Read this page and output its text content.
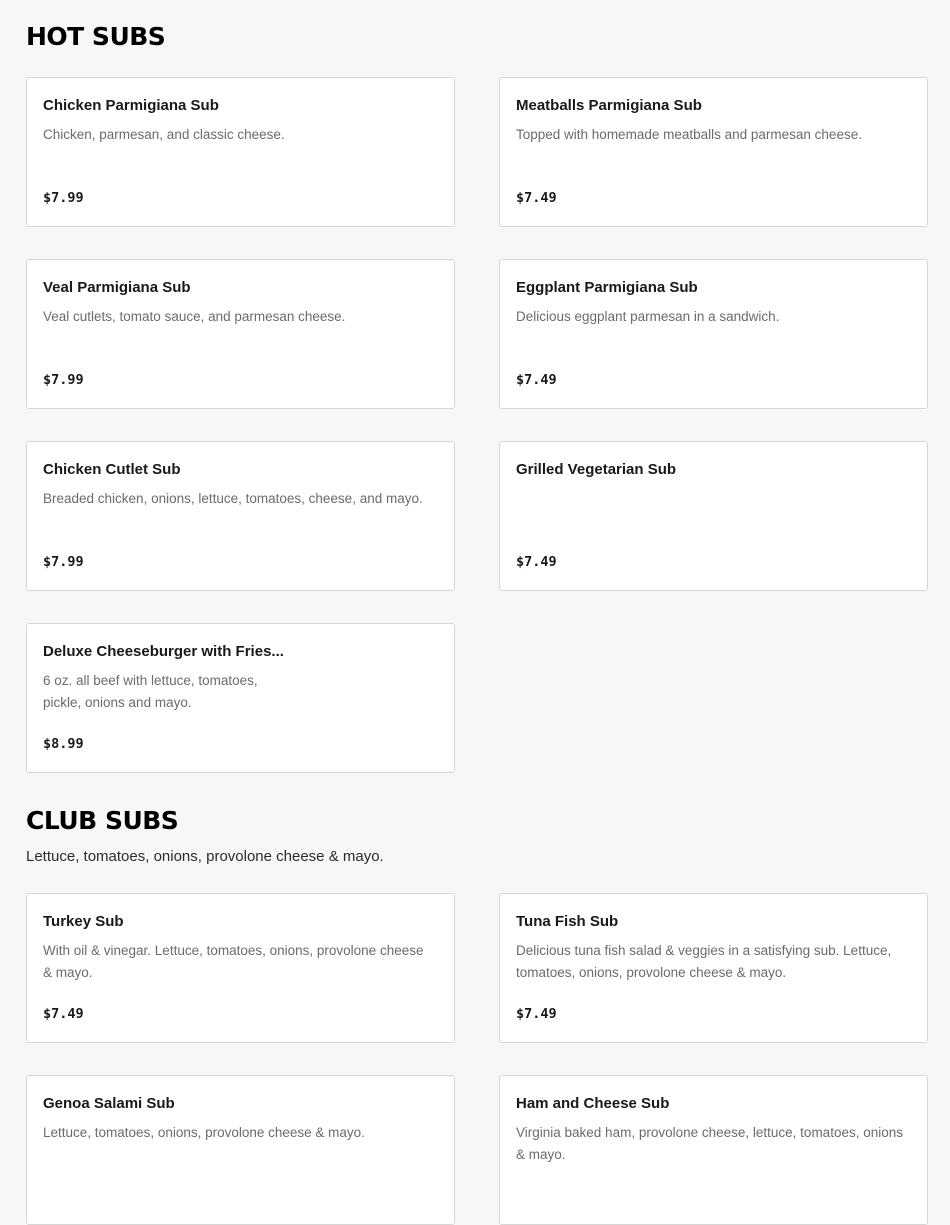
HOT SUBS
Chicken Parmigiana Sub
Chicken, parmesan, and classic cheese.
$7.99
Meatballs Parmigiana Sub
Topped with homemade meatballs and parmesan cheese.
$7.49
Veal Parmigiana Sub
Veal cutlets, tomato sauce, and parmesan cheese.
$7.99
Eggplant Parmigiana Sub
Delicious eggplant parmesan in a sandwich.
$7.49
Chicken Cutlet Sub
Breaded chicken, onions, lettuce, tomatoes, cheese, and mayo.
$7.99
Grilled Vegetarian Sub
$7.49
Deluxe Cheeseburger with Fries...
6 oz. all beef with lettuce, tomatoes, pickle, onions and mayo.
$8.99
CLUB SUBS

Lettuce, tomatoes, onions, provolone cheese & mayo.

Turkey Sub
With oil & vinegar. Lettuce, tomatoes, onions, provolone cheese & mayo.
$7.49
Tuna Fish Sub
Delicious tuna fish salad & veggies in a satisfying sub. Lettuce, tomatoes, onions, provolone cheese & mayo.
$7.49
Genoa Salami Sub
Lettuce, tomatoes, onions, provolone cheese & mayo.
Ham and Cheese Sub
Virginia baked ham, provolone cheese, lettuce, tomatoes, onions & mayo.
